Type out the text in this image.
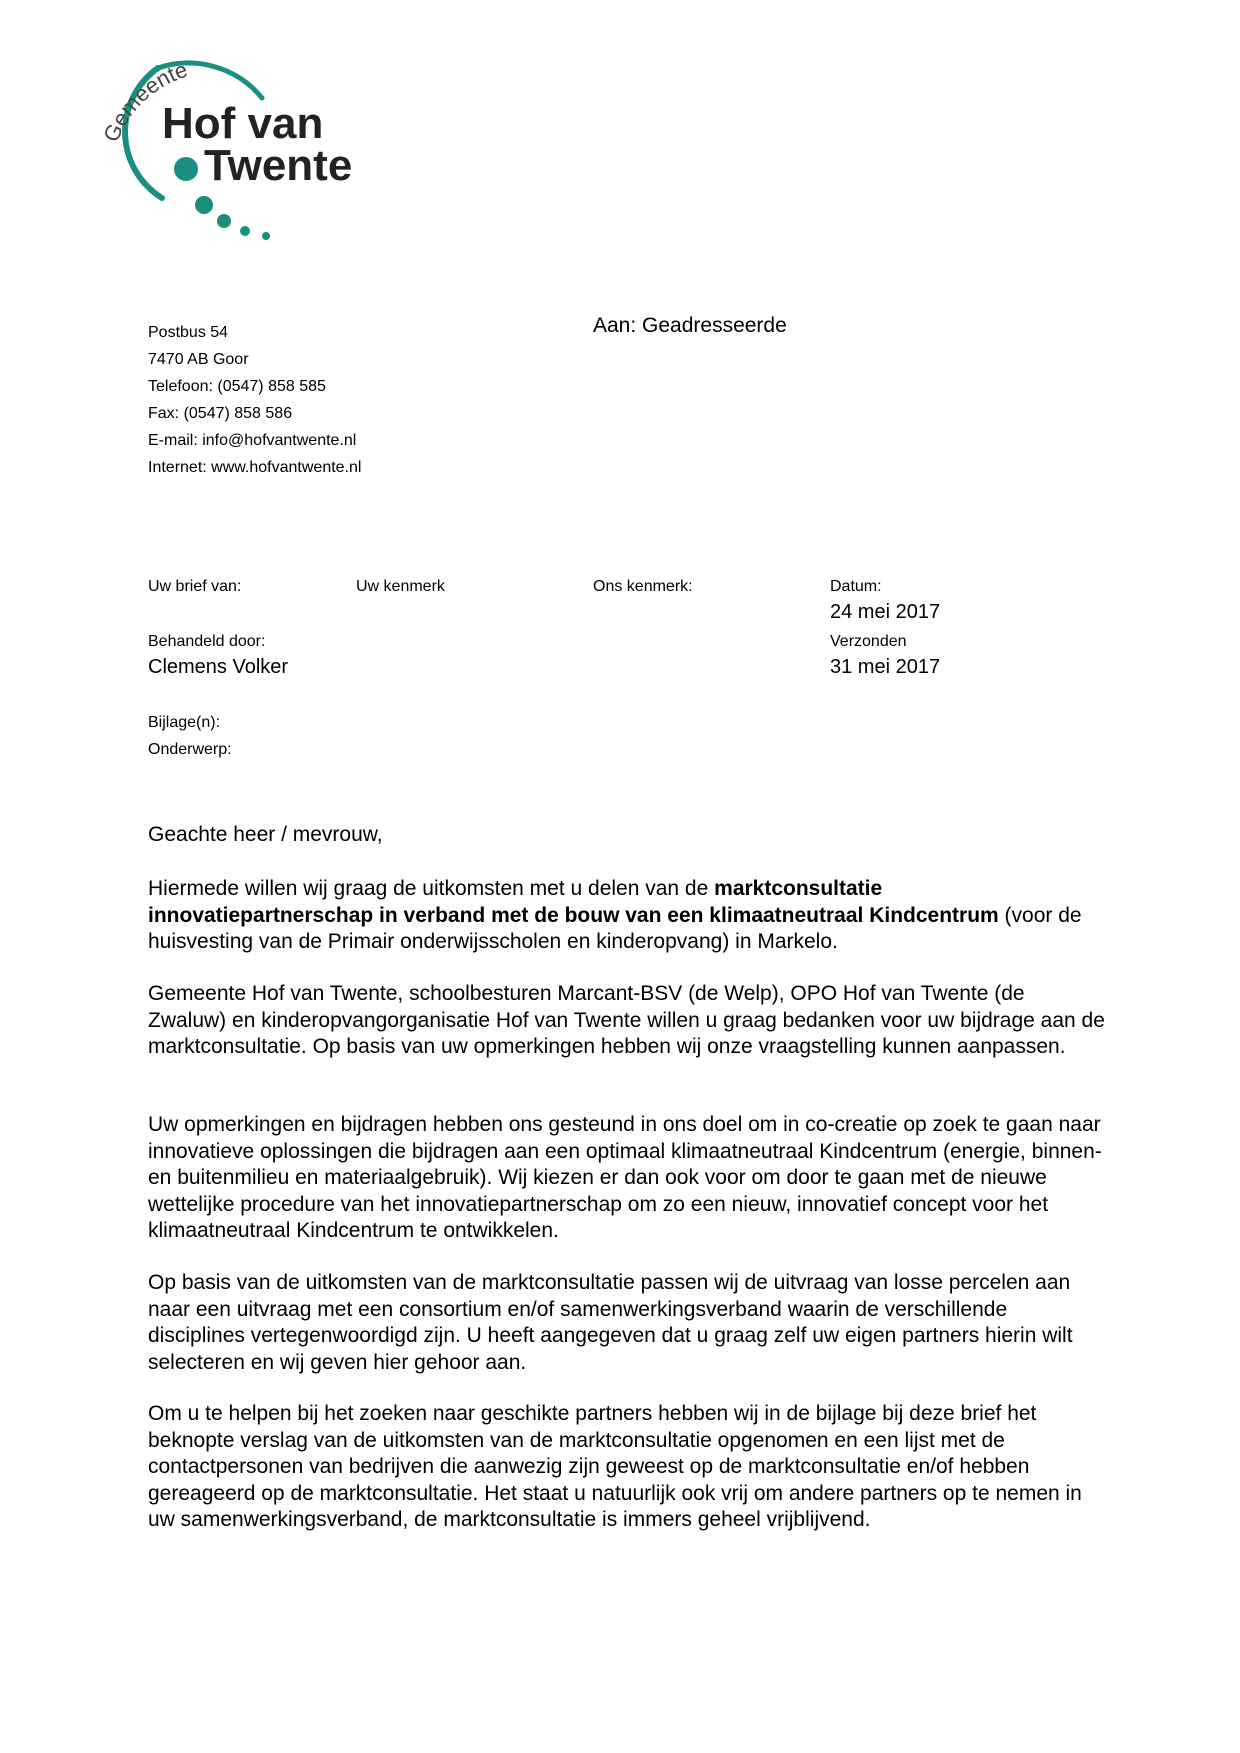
Gemeente
Hof van
Twente
Postbus 54
7470 AB Goor
Telefoon: (0547) 858 585
Fax: (0547) 858 586
E-mail: info@hofvantwente.nl
Internet: www.hofvantwente.nl
Aan: Geadresseerde
Uw brief van:	Uw kenmerk	Ons kenmerk:	Datum:
24 mei 2017
Behandeld door:
Clemens Volker
Verzonden
31 mei 2017
Bijlage(n):
Onderwerp:

Geachte heer / mevrouw,

Hiermede willen wij graag de uitkomsten met u delen van de marktconsultatie innovatiepartnerschap in verband met de bouw van een klimaatneutraal Kindcentrum (voor de huisvesting van de Primair onderwijsscholen en kinderopvang) in Markelo.

Gemeente Hof van Twente, schoolbesturen Marcant-BSV (de Welp), OPO Hof van Twente (de Zwaluw) en kinderopvangorganisatie Hof van Twente willen u graag bedanken voor uw bijdrage aan de marktconsultatie. Op basis van uw opmerkingen hebben wij onze vraagstelling kunnen aanpassen.

Uw opmerkingen en bijdragen hebben ons gesteund in ons doel om in co-creatie op zoek te gaan naar innovatieve oplossingen die bijdragen aan een optimaal klimaatneutraal Kindcentrum (energie, binnen- en buitenmilieu en materiaalgebruik). Wij kiezen er dan ook voor om door te gaan met de nieuwe wettelijke procedure van het innovatiepartnerschap om zo een nieuw, innovatief concept voor het klimaatneutraal Kindcentrum te ontwikkelen.

Op basis van de uitkomsten van de marktconsultatie passen wij de uitvraag van losse percelen aan naar een uitvraag met een consortium en/of samenwerkingsverband waarin de verschillende disciplines vertegenwoordigd zijn. U heeft aangegeven dat u graag zelf uw eigen partners hierin wilt selecteren en wij geven hier gehoor aan.

Om u te helpen bij het zoeken naar geschikte partners hebben wij in de bijlage bij deze brief het beknopte verslag van de uitkomsten van de marktconsultatie opgenomen en een lijst met de contactpersonen van bedrijven die aanwezig zijn geweest op de marktconsultatie en/of hebben gereageerd op de marktconsultatie. Het staat u natuurlijk ook vrij om andere partners op te nemen in uw samenwerkingsverband, de marktconsultatie is immers geheel vrijblijvend.
